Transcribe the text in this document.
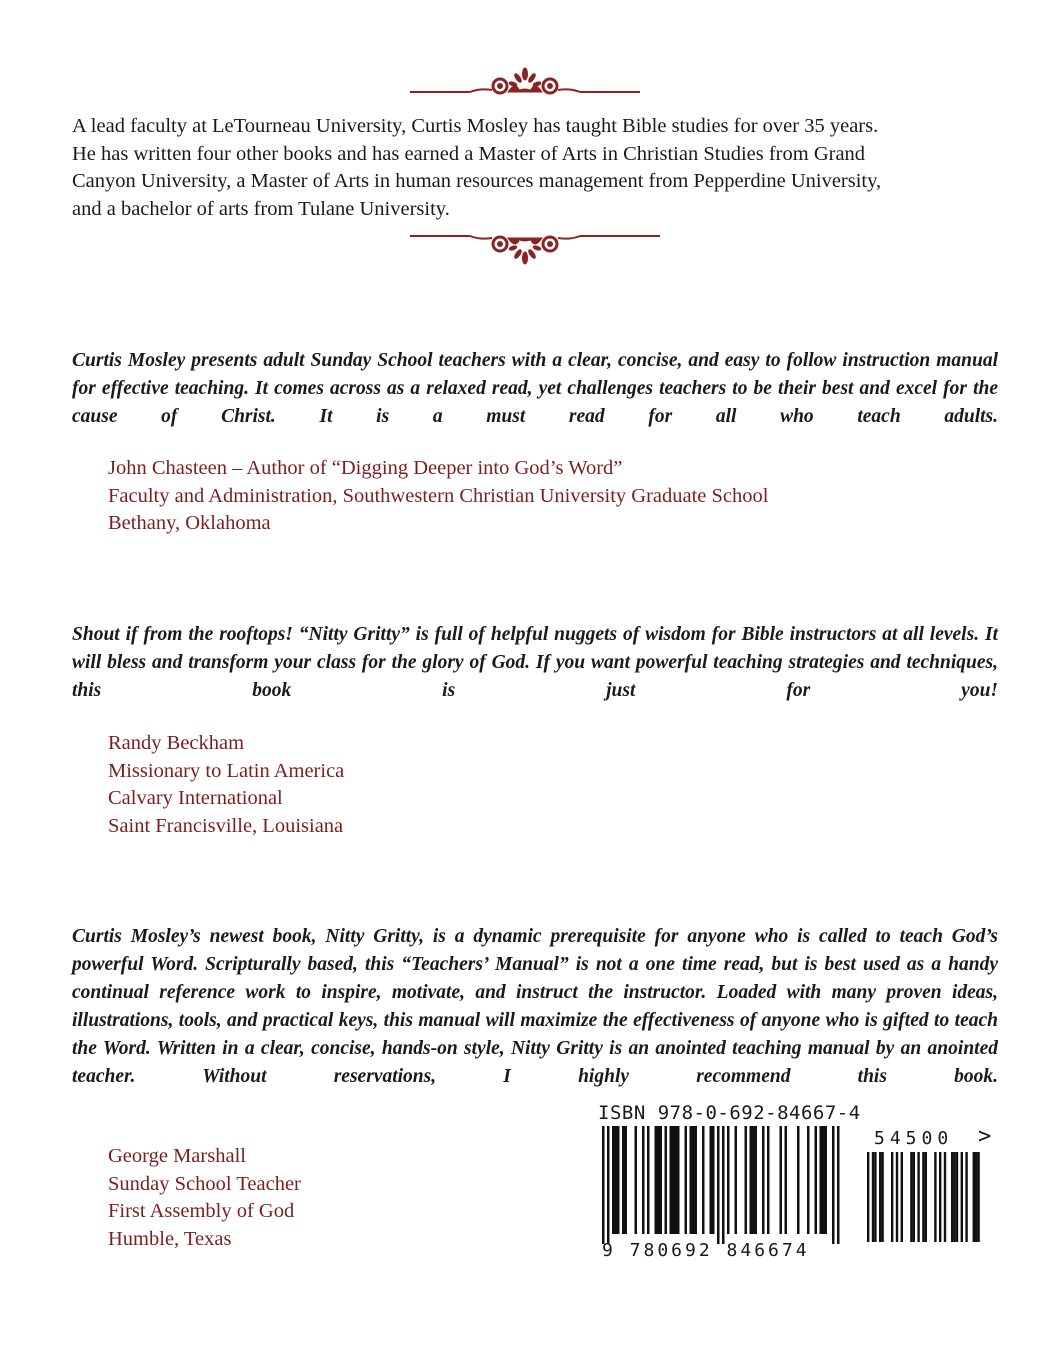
A lead faculty at LeTourneau University, Curtis Mosley has taught Bible studies for over 35 years.
He has written four other books and has earned a Master of Arts in Christian Studies from Grand
Canyon University, a Master of Arts in human resources management from Pepperdine University,
and a bachelor of arts from Tulane University.
Curtis Mosley presents adult Sunday School teachers with a clear, concise, and easy to follow instruction manual for effective teaching. It comes across as a relaxed read, yet challenges teachers to be their best and excel for the cause of Christ. It is a must read for all who teach adults.
John Chasteen – Author of “Digging Deeper into God’s Word”
Faculty and Administration, Southwestern Christian University Graduate School
Bethany, Oklahoma
Shout if from the rooftops! “Nitty Gritty” is full of helpful nuggets of wisdom for Bible instructors at all levels. It will bless and transform your class for the glory of God. If you want powerful teaching strategies and techniques, this book is just for you!
Randy Beckham
Missionary to Latin America
Calvary International
Saint Francisville, Louisiana
Curtis Mosley’s newest book, Nitty Gritty, is a dynamic prerequisite for anyone who is called to teach God’s powerful Word. Scripturally based, this “Teachers’ Manual” is not a one time read, but is best used as a handy continual reference work to inspire, motivate, and instruct the instructor. Loaded with many proven ideas, illustrations, tools, and practical keys, this manual will maximize the effectiveness of anyone who is gifted to teach the Word. Written in a clear, concise, hands-on style, Nitty Gritty is an anointed teaching manual by an anointed teacher. Without reservations, I highly recommend this book.
George Marshall
Sunday School Teacher
First Assembly of God
Humble, Texas
ISBN 978-0-692-84667-4
54500 >
9 780692 846674
